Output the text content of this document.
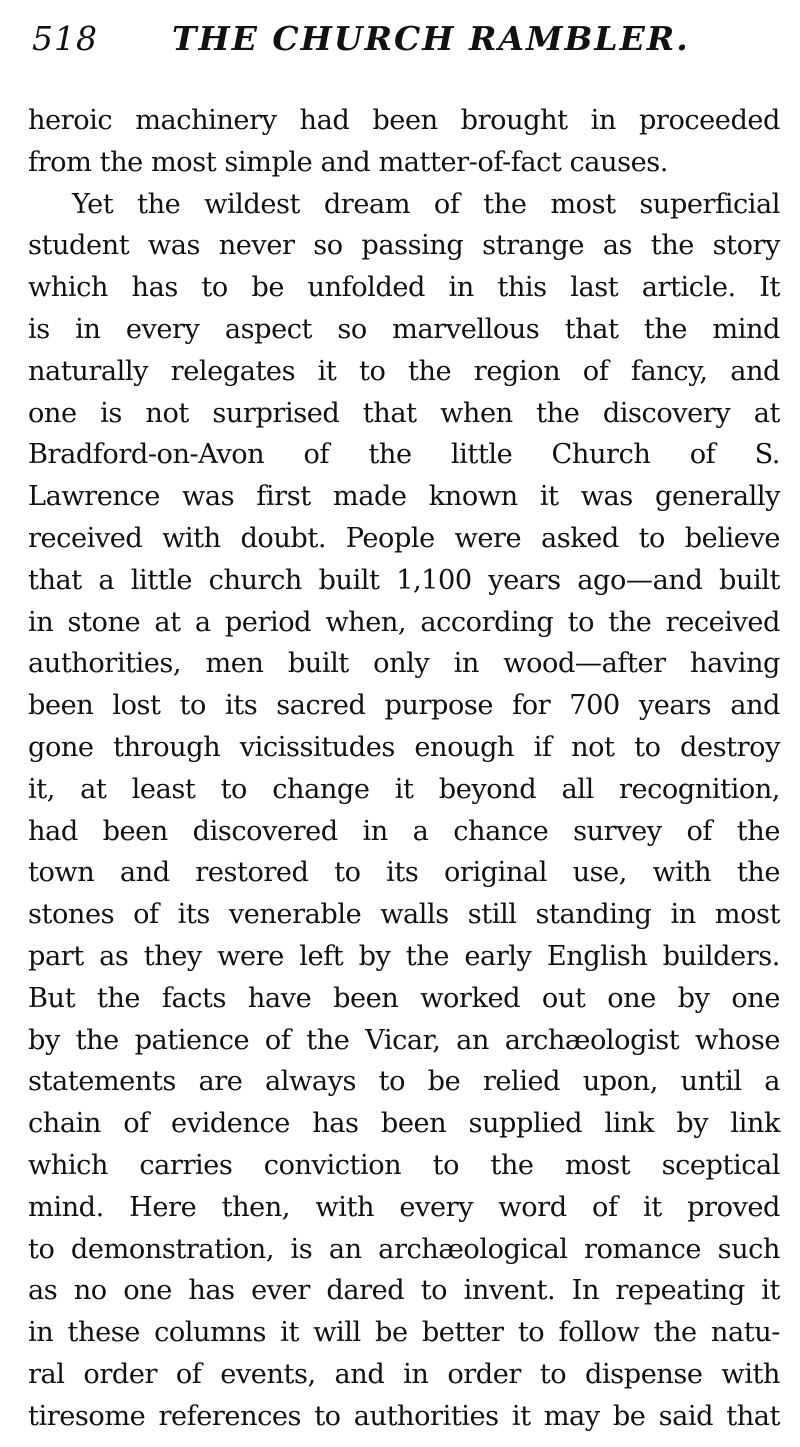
518 THE CHURCH RAMBLER.
heroic machinery had been brought in proceeded
from the most simple and matter-of-fact causes.
Yet the wildest dream of the most superficial
student was never so passing strange as the story
which has to be unfolded in this last article. It
is in every aspect so marvellous that the mind
naturally relegates it to the region of fancy, and
one is not surprised that when the discovery at
Bradford-on-Avon of the little Church of S.
Lawrence was first made known it was generally
received with doubt. People were asked to believe
that a little church built 1,100 years ago—and built
in stone at a period when, according to the received
authorities, men built only in wood—after having
been lost to its sacred purpose for 700 years and
gone through vicissitudes enough if not to destroy
it, at least to change it beyond all recognition,
had been discovered in a chance survey of the
town and restored to its original use, with the
stones of its venerable walls still standing in most
part as they were left by the early English builders.
But the facts have been worked out one by one
by the patience of the Vicar, an archæologist whose
statements are always to be relied upon, until a
chain of evidence has been supplied link by link
which carries conviction to the most sceptical
mind. Here then, with every word of it proved
to demonstration, is an archæological romance such
as no one has ever dared to invent. In repeating it
in these columns it will be better to follow the natu-
ral order of events, and in order to dispense with
tiresome references to authorities it may be said that
